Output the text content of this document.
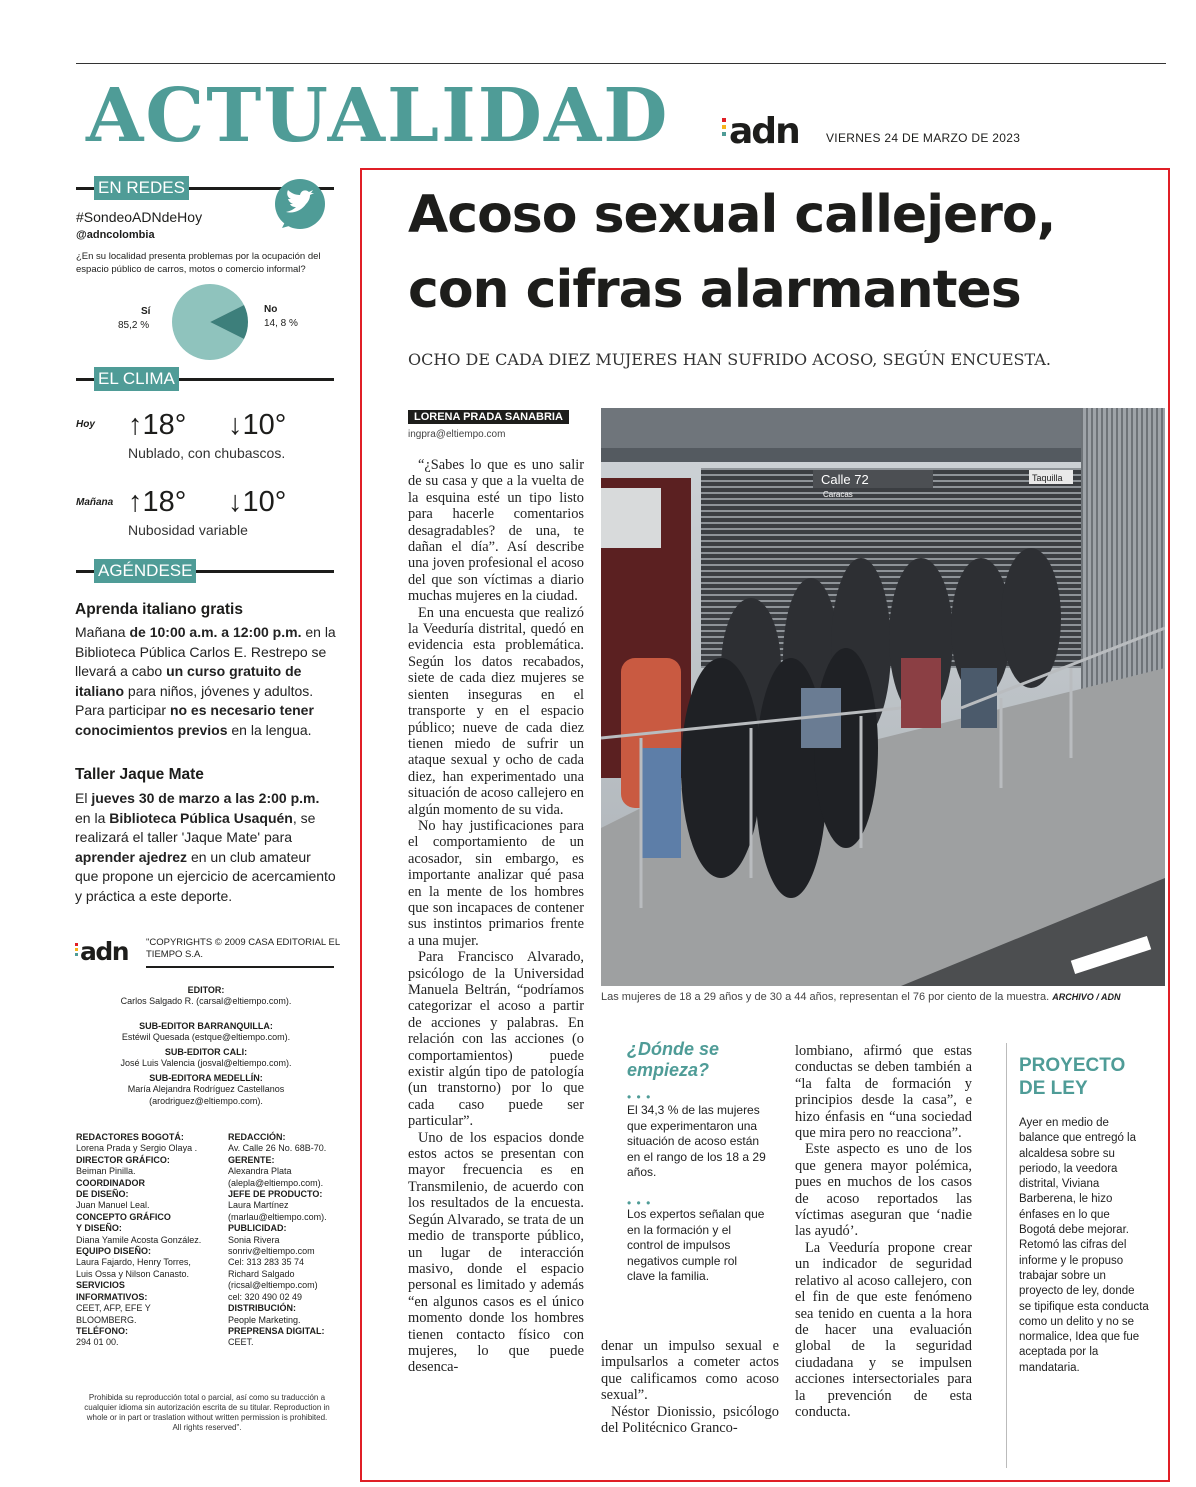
ACTUALIDAD adn VIERNES 24 DE MARZO DE 2023
EN REDES
#SondeoADNdeHoy
@adncolombia
¿En su localidad presenta problemas por la ocupación del espacio público de carros, motos o comercio informal?
Sí
85,2 %
No
14, 8 %
EL CLIMA
Hoy ↑18° ↓10°
Nublado, con chubascos.
Mañana ↑18° ↓10°
Nubosidad variable
AGÉNDESE
Aprenda italiano gratis
Mañana de 10:00 a.m. a 12:00 p.m. en la Biblioteca Pública Carlos E. Restrepo se llevará a cabo un curso gratuito de italiano para niños, jóvenes y adultos. Para participar no es necesario tener conocimientos previos en la lengua.
Taller Jaque Mate
El jueves 30 de marzo a las 2:00 p.m. en la Biblioteca Pública Usaquén, se realizará el taller 'Jaque Mate' para aprender ajedrez en un club amateur que propone un ejercicio de acercamiento y práctica a este deporte.
adn "COPYRIGHTS © 2009 CASA EDITORIAL EL TIEMPO S.A.
EDITOR:
Carlos Salgado R. (carsal@eltiempo.com).
SUB-EDITOR BARRANQUILLA:
Estéwil Quesada (estque@eltiempo.com).
SUB-EDITOR CALI:
José Luis Valencia (josval@eltiempo.com).
SUB-EDITORA MEDELLÍN:
María Alejandra Rodríguez Castellanos
(arodriguez@eltiempo.com).
REDACTORES BOGOTÁ:
Lorena Prada y Sergio Olaya .
DIRECTOR GRÁFICO:
Beiman Pinilla.
COORDINADOR
DE DISEÑO:
Juan Manuel Leal.
CONCEPTO GRÁFICO
Y DISEÑO:
Diana Yamile Acosta González.
EQUIPO DISEÑO:
Laura Fajardo, Henry Torres,
Luis Ossa y Nilson Canasto.
SERVICIOS
INFORMATIVOS:
CEET, AFP, EFE Y
BLOOMBERG.
TELÉFONO:
294 01 00.
REDACCIÓN:
Av. Calle 26 No. 68B-70.
GERENTE:
Alexandra Plata
(aleplа@eltiempo.com).
JEFE DE PRODUCTO:
Laura Martínez
(marlau@eltiempo.com).
PUBLICIDAD:
Sonia Rivera
sonriv@eltiempo.com
Cel: 313 283 35 74
Richard Salgado
(ricsal@eltiempo.com)
cel: 320 490 02 49
DISTRIBUCIÓN:
People Marketing.
PREPRENSA DIGITAL:
CEET.
Prohibida su reproducción total o parcial, así como su traducción a cualquier idioma sin autorización escrita de su titular. Reproduction in whole or in part or traslation without written permission is prohibited. All rights reserved".
Acoso sexual callejero,
con cifras alarmantes
OCHO DE CADA DIEZ MUJERES HAN SUFRIDO ACOSO, SEGÚN ENCUESTA.
LORENA PRADA SANABRIA
ingpra@eltiempo.com

“¿Sabes lo que es uno salir de su casa y que a la vuelta de la esquina esté un tipo listo para hacerle comentarios desagradables? de una, te dañan el día”. Así describe una joven profesional el acoso del que son víctimas a diario muchas mujeres en la ciudad.

En una encuesta que realizó la Veeduría distrital, quedó en evidencia esta problemática. Según los datos recabados, siete de cada diez mujeres se sienten inseguras en el transporte y en el espacio público; nueve de cada diez tienen miedo de sufrir un ataque sexual y ocho de cada diez, han experimentado una situación de acoso callejero en algún momento de su vida.

No hay justificaciones para el comportamiento de un acosador, sin embargo, es importante analizar qué pasa en la mente de los hombres que son incapaces de contener sus instintos primarios frente a una mujer.

Para Francisco Alvarado, psicólogo de la Universidad Manuela Beltrán, “podríamos categorizar el acoso a partir de acciones y palabras. En relación con las acciones (o comportamientos) puede existir algún tipo de patología (un transtorno) por lo que cada caso puede ser particular”.

Uno de los espacios donde estos actos se presentan con mayor frecuencia es en Transmilenio, de acuerdo con los resultados de la encuesta. Según Alvarado, se trata de un medio de transporte público, un lugar de interacción masivo, donde el espacio personal es limitado y además “en algunos casos es el único momento donde los hombres tienen contacto físico con mujeres, lo que puede desenca-

Calle 72
Caracas
Taquilla
Las mujeres de 18 a 29 años y de 30 a 44 años, representan el 76 por ciento de la muestra. ARCHIVO / ADN
¿Dónde se empieza?
• • •
El 34,3 % de las mujeres que experimentaron una situación de acoso están en el rango de los 18 a 29 años.
• • •
Los expertos señalan que en la formación y el control de impulsos negativos cumple rol clave la familia.

denar un impulso sexual e impulsarlos a cometer actos que calificamos como acoso sexual”.

Néstor Dionissio, psicólogo del Politécnico Granco-

lombiano, afirmó que estas conductas se deben también a “la falta de formación y principios desde la casa”, e hizo énfasis en “una sociedad que mira pero no reacciona”.

Este aspecto es uno de los que genera mayor polémica, pues en muchos de los casos de acoso reportados las víctimas aseguran que ‘nadie las ayudó’.

La Veeduría propone crear un indicador de seguridad relativo al acoso callejero, con el fin de que este fenómeno sea tenido en cuenta a la hora de hacer una evaluación global de la seguridad ciudadana y se impulsen acciones intersectoriales para la prevención de esta conducta.

PROYECTO DE LEY
Ayer en medio de balance que entregó la alcaldesa sobre su periodo, la veedora distrital, Viviana Barberena, le hizo énfases en lo que Bogotá debe mejorar. Retomó las cifras del informe y le propuso trabajar sobre un proyecto de ley, donde se tipifique esta conducta como un delito y no se normalice, Idea que fue aceptada por la mandataria.
